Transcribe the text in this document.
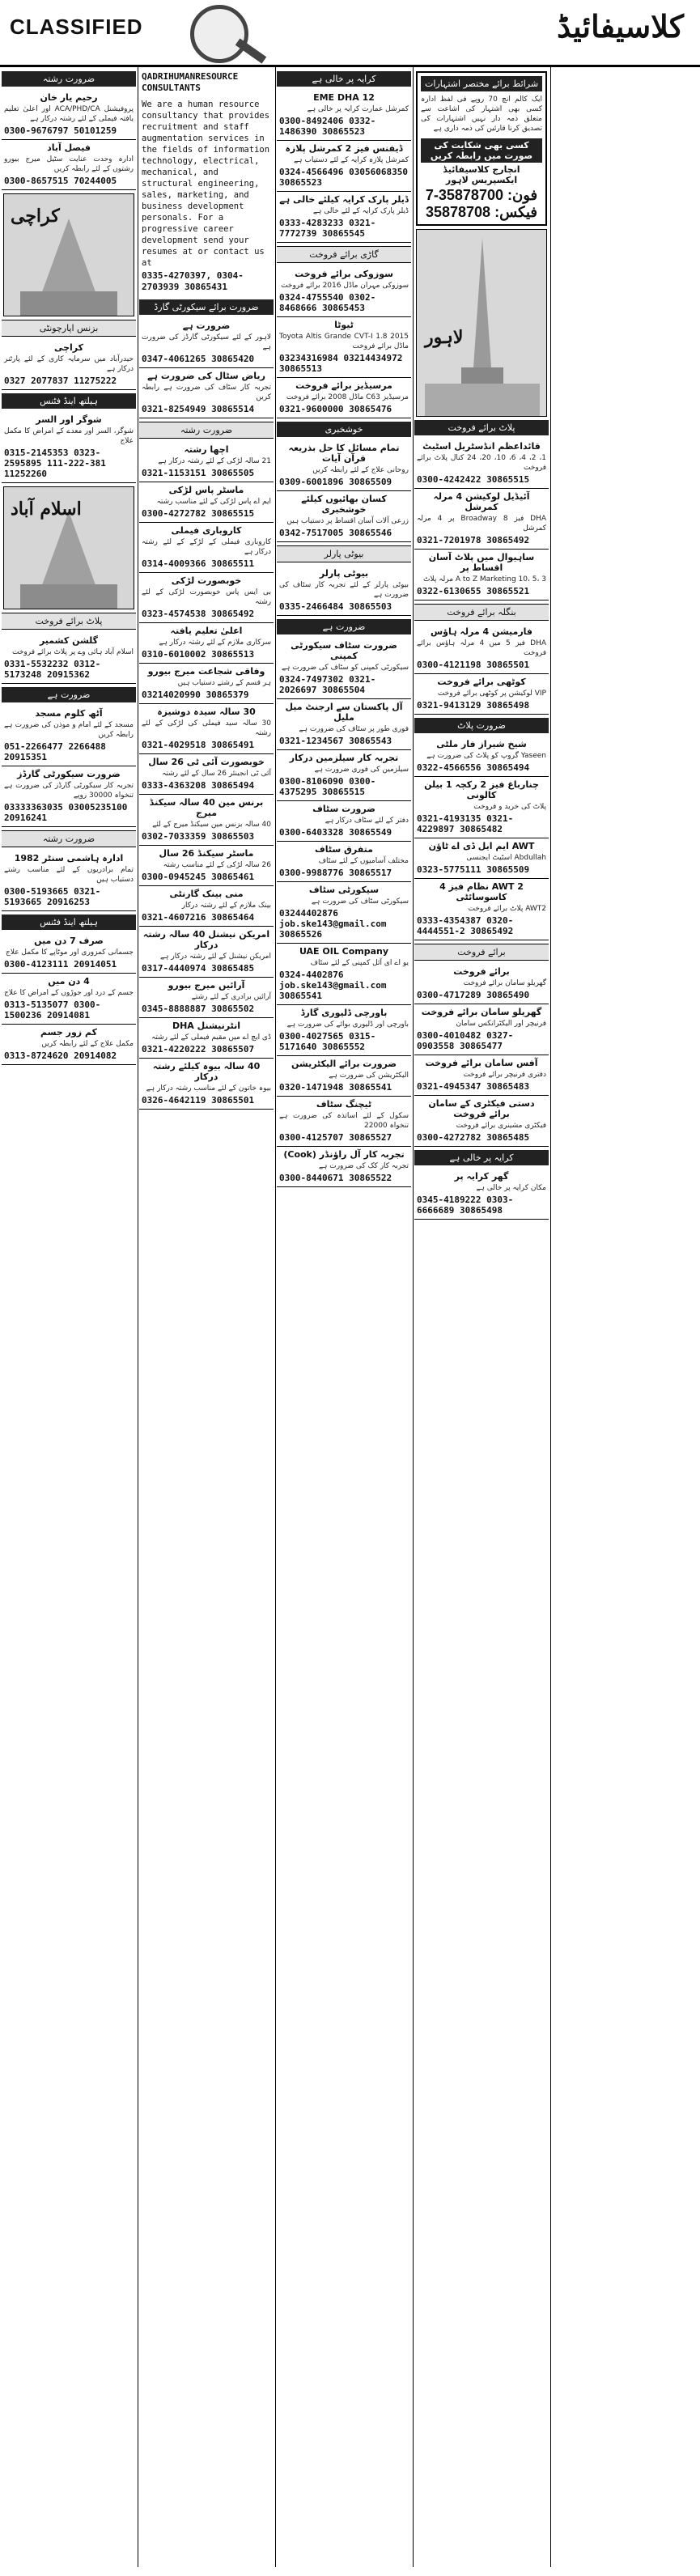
CLASSIFIED	کلاسیفائیڈ
ضرورت رشتہ
رحیم یار خان
پروفیشنل ACA/PHD/CA اور اعلیٰ تعلیم یافتہ فیملی کے لئے رشتہ درکار ہے
0300-9676797 50101259
فیصل آباد
ادارہ وحدت عنایت سٹیل میرج بیورو رشتوں کے لئے رابطہ کریں
0300-8657515 70244005
کراچی
بزنس اپارچونٹی
کراچی
حیدرآباد میں سرمایہ کاری کے لئے پارٹنر درکار ہے
0327 2077837 11275222
ہیلتھ اینڈ فٹنس
شوگر اور السر
شوگر، السر اور معدے کے امراض کا مکمل علاج
0315-2145353 0323-2595895 111-222-381 11252260
اسلام آباد
پلاٹ برائے فروخت
گلشن کشمیر
اسلام آباد ہائی وے پر پلاٹ برائے فروخت
0331-5532232 0312-5173248 20915362
ضرورت ہے
آٹھ کلوم مسجد
مسجد کے لئے امام و موذن کی ضرورت ہے رابطہ کریں
051-2266477 2266488 20915351
ضرورت سیکورٹی گارڈز
تجربہ کار سیکورٹی گارڈز کی ضرورت ہے تنخواہ 30000 روپے
03333363035 03005235100 20916241
ضرورت رشتہ
ادارہ ہاشمی سنٹر 1982
تمام برادریوں کے لئے مناسب رشتے دستیاب ہیں
0300-5193665 0321-5193665 20916253
ہیلتھ اینڈ فٹنس
صرف 7 دن میں
جسمانی کمزوری اور موٹاپے کا مکمل علاج
0300-4123111 20914051
4 دن میں
جسم کے درد اور جوڑوں کے امراض کا علاج
0313-5135077 0300-1500236 20914081
کم زور جسم
مکمل علاج کے لئے رابطہ کریں
0313-8724620 20914082
QADRIHUMANRESOURCE CONSULTANTS
We are a human resource consultancy that provides recruitment and staff augmentation services in the fields of information technology, electrical, mechanical, and structural engineering, sales, marketing, and business development personals. For a progressive career development send your resumes at or contact us at
0335-4270397, 0304-2703939 30865431
ضرورت برائے سیکورٹی گارڈ
ضرورت ہے
لاہور کے لئے سیکورٹی گارڈز کی ضرورت ہے
0347-4061265 30865420
ریاض سٹال کی ضرورت ہے
تجربہ کار سٹاف کی ضرورت ہے رابطہ کریں
0321-8254949 30865514
ضرورت رشتہ
اچھا رشتہ
21 سالہ لڑکی کے لئے رشتہ درکار ہے
0321-1153151 30865505
ماسٹر پاس لڑکی
ایم اے پاس لڑکی کے لئے مناسب رشتہ
0300-4272782 30865515
کاروباری فیملی
کاروباری فیملی کے لڑکے کے لئے رشتہ درکار ہے
0314-4009366 30865511
خوبصورت لڑکی
بی ایس پاس خوبصورت لڑکی کے لئے رشتہ
0323-4574538 30865492
اعلیٰ تعلیم یافتہ
سرکاری ملازم کے لئے رشتہ درکار ہے
0310-6010002 30865513
وفاقی شجاعت میرج بیورو
ہر قسم کے رشتے دستیاب ہیں
03214020990 30865379
30 سالہ سیدہ دوشیزہ
30 سالہ سید فیملی کی لڑکی کے لئے رشتہ
0321-4029518 30865491
خوبصورت آئی ٹی 26 سال
آئی ٹی انجینئر 26 سال کے لئے رشتہ
0333-4363208 30865494
برنس مین 40 سالہ سیکنڈ میرج
40 سالہ بزنس مین سیکنڈ میرج کے لئے
0302-7033359 30865503
ماسٹر سیکنڈ 26 سال
26 سالہ لڑکی کے لئے مناسب رشتہ
0300-0945245 30865461
منی بینک گارنٹی
بینک ملازم کے لئے رشتہ درکار
0321-4607216 30865464
امریکن نیشنل 40 سالہ رشتہ درکار
امریکن نیشنل کے لئے رشتہ درکار ہے
0317-4440974 30865485
آرائیں میرج بیورو
آرائیں برادری کے لئے رشتے
0345-8888887 30865502
انٹرنیشنل DHA
ڈی ایچ اے میں مقیم فیملی کے لئے رشتہ
0321-4220222 30865507
40 سالہ بیوہ کیلئے رشتہ درکار
بیوہ خاتون کے لئے مناسب رشتہ درکار ہے
0326-4642119 30865501
کرایہ پر خالی ہے
EME DHA 12
کمرشل عمارت کرایہ پر خالی ہے
0300-8492406 0332-1486390 30865523
ڈیفنس فیز 2 کمرشل پلازہ
کمرشل پلازہ کرایہ کے لئے دستیاب ہے
0324-4566496 03056068350 30865523
ڈیلر پارک کرایہ کیلئے خالی ہے
ڈیلر پارک کرایہ کے لئے خالی ہے
0333-4283233 0321-7772739 30865545
گاڑی برائے فروخت
سوزوکی برائے فروخت
سوزوکی مہران ماڈل 2016 برائے فروخت
0324-4755540 0302-8468666 30865453
ٹیوٹا
Toyota Altis Grande CVT-I 1.8 2015 ماڈل برائے فروخت
03234316984 03214434972 30865513
مرسیڈیز برائے فروخت
مرسیڈیز C63 ماڈل 2008 برائے فروخت
0321-9600000 30865476
خوشخبری
تمام مسائل کا حل بذریعہ قرآن آیات
روحانی علاج کے لئے رابطہ کریں
0309-6001896 30865509
کسان بھائیوں کیلئے خوشخبری
زرعی آلات آسان اقساط پر دستیاب ہیں
0342-7517005 30865546
بیوٹی پارلر
بیوٹی پارلر
بیوٹی پارلر کے لئے تجربہ کار سٹاف کی ضرورت ہے
0335-2466484 30865503
ضرورت ہے
ضرورت سٹاف سیکورٹی کمپنی
سیکورٹی کمپنی کو سٹاف کی ضرورت ہے
0324-7497302 0321-2026697 30865504
آل پاکستان سے ارجنٹ میل ملیل
فوری طور پر سٹاف کی ضرورت ہے
0321-1234567 30865543
تجربہ کار سیلزمین درکار
سیلزمین کی فوری ضرورت ہے
0300-8106090 0300-4375295 30865515
ضرورت سٹاف
دفتر کے لئے سٹاف درکار ہے
0300-6403328 30865549
متفرق سٹاف
مختلف آسامیوں کے لئے سٹاف
0300-9988776 30865517
سیکورٹی سٹاف
سیکورٹی سٹاف کی ضرورت ہے
03244402876 job.ske143@gmail.com 30865526
UAE OIL Company
یو اے ای آئل کمپنی کے لئے سٹاف
0324-4402876 job.ske143@gmail.com 30865541
باورچی ڈلیوری گارڈ
باورچی اور ڈلیوری بوائے کی ضرورت ہے
0300-4027565 0315-5171640 30865552
ضرورت برائے الیکٹریشن
الیکٹریشن کی ضرورت ہے
0320-1471948 30865541
ٹیچنگ سٹاف
سکول کے لئے اساتذہ کی ضرورت ہے تنخواہ 22000
0300-4125707 30865527
تجربہ کار آل راؤنڈر (Cook)
تجربہ کار کک کی ضرورت ہے
0300-8440671 30865522
شرائط برائے مختصر اشتہارات
ایک کالم انچ 70 روپے فی لفظ ادارہ کسی بھی اشتہار کی اشاعت سے متعلق ذمہ دار نہیں اشتہارات کی تصدیق کرنا قارئین کی ذمہ داری ہے
کسی بھی شکایت کی صورت میں رابطہ کریں
انچارج کلاسیفائیڈ ایکسپریس لاہور
فون: 35878700-7
فیکس: 35878708
لاہور
پلاٹ برائے فروخت
قائداعظم انڈسٹریل اسٹیٹ
1، 2، 4، 6، 10، 20، 24 کنال پلاٹ برائے فروخت
0300-4242422 30865515
آئیڈیل لوکیشن 4 مرلہ کمرشل
DHA فیز 8 Broadway پر 4 مرلہ کمرشل
0321-7201978 30865492
ساہیوال میں پلاٹ آسان اقساط پر
A to Z Marketing 10، 5، 3 مرلہ پلاٹ
0322-6130655 30865521
بنگلہ برائے فروخت
فارمیشن 4 مرلہ ہاؤس
DHA فیز 5 میں 4 مرلہ ہاؤس برائے فروخت
0300-4121198 30865501
کوٹھی برائے فروخت
VIP لوکیشن پر کوٹھی برائے فروخت
0321-9413129 30865498
ضرورت پلاٹ
شیخ شیراز فار ملٹی
Yaseen گروپ کو پلاٹ کی ضرورت ہے
0322-4566556 30865494
چنارباغ فیز 2 رکچہ 1 بیلن کالونی
پلاٹ کی خرید و فروخت
0321-4193135 0321-4229897 30865482
AWT ایم ایل ڈی اے ٹاؤن
Abdullah اسٹیٹ ایجنسی
0323-5775111 30865509
AWT 2 نظام فیز 4 کاسوسائٹی
AWT2 پلاٹ برائے فروخت
0333-4354387 0320-4444551-2 30865492
برائے فروخت
برائے فروخت
گھریلو سامان برائے فروخت
0300-4717289 30865490
گھریلو سامان برائے فروخت
فرنیچر اور الیکٹرانکس سامان
0300-4010482 0327-0903558 30865477
آفس سامان برائے فروخت
دفتری فرنیچر برائے فروخت
0321-4945347 30865483
دستی فیکٹری کے سامان برائے فروخت
فیکٹری مشینری برائے فروخت
0300-4272782 30865485
کرایہ پر خالی ہے
گھر کرایہ پر
مکان کرایہ پر خالی ہے
0345-4189222 0303-6666689 30865498
